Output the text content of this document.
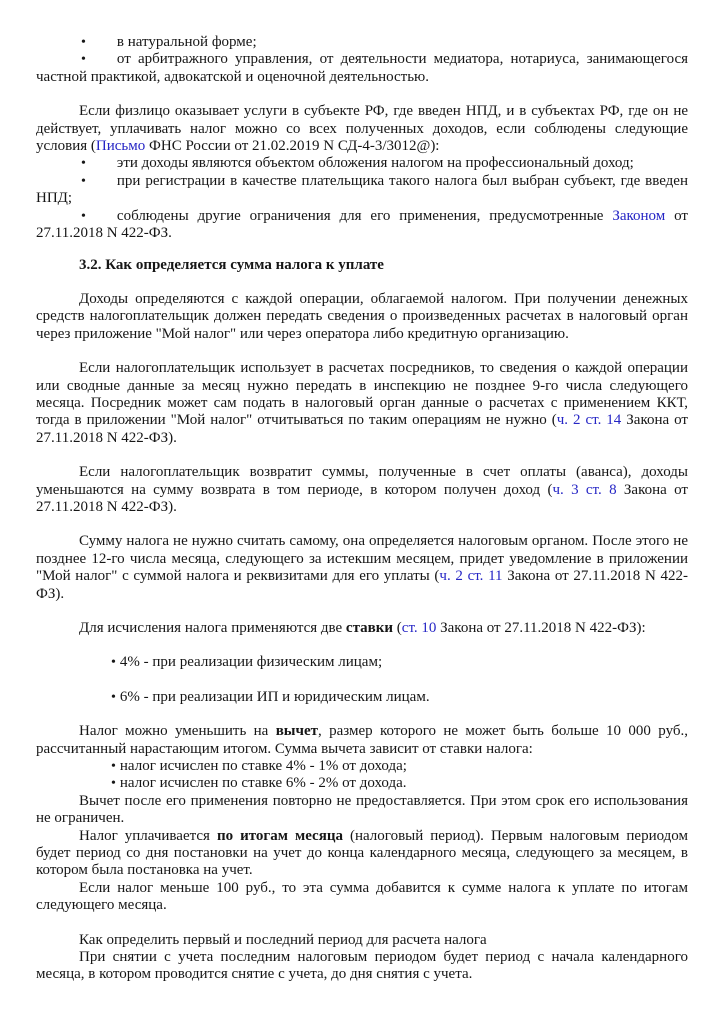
• в натуральной форме;

• от арбитражного управления, от деятельности медиатора, нотариуса, занимающегося частной практикой, адвокатской и оценочной деятельностью.

Если физлицо оказывает услуги в субъекте РФ, где введен НПД, и в субъектах РФ, где он не действует, уплачивать налог можно со всех полученных доходов, если соблюдены следующие условия (Письмо ФНС России от 21.02.2019 N СД-4-3/3012@):

• эти доходы являются объектом обложения налогом на профессиональный доход;

• при регистрации в качестве плательщика такого налога был выбран субъект, где введен НПД;

• соблюдены другие ограничения для его применения, предусмотренные Законом от 27.11.2018 N 422-ФЗ.

3.2. Как определяется сумма налога к уплате

Доходы определяются с каждой операции, облагаемой налогом. При получении денежных средств налогоплательщик должен передать сведения о произведенных расчетах в налоговый орган через приложение "Мой налог" или через оператора либо кредитную организацию.

Если налогоплательщик использует в расчетах посредников, то сведения о каждой операции или сводные данные за месяц нужно передать в инспекцию не позднее 9-го числа следующего месяца. Посредник может сам подать в налоговый орган данные о расчетах с применением ККТ, тогда в приложении "Мой налог" отчитываться по таким операциям не нужно (ч. 2 ст. 14 Закона от 27.11.2018 N 422-ФЗ).

Если налогоплательщик возвратит суммы, полученные в счет оплаты (аванса), доходы уменьшаются на сумму возврата в том периоде, в котором получен доход (ч. 3 ст. 8 Закона от 27.11.2018 N 422-ФЗ).

Сумму налога не нужно считать самому, она определяется налоговым органом. После этого не позднее 12-го числа месяца, следующего за истекшим месяцем, придет уведомление в приложении "Мой налог" с суммой налога и реквизитами для его уплаты (ч. 2 ст. 11 Закона от 27.11.2018 N 422-ФЗ).

Для исчисления налога применяются две ставки (ст. 10 Закона от 27.11.2018 N 422-ФЗ):

• 4% - при реализации физическим лицам;

• 6% - при реализации ИП и юридическим лицам.

Налог можно уменьшить на вычет, размер которого не может быть больше 10 000 руб., рассчитанный нарастающим итогом. Сумма вычета зависит от ставки налога:

• налог исчислен по ставке 4% - 1% от дохода;

• налог исчислен по ставке 6% - 2% от дохода.

Вычет после его применения повторно не предоставляется. При этом срок его использования не ограничен.

Налог уплачивается по итогам месяца (налоговый период). Первым налоговым периодом будет период со дня постановки на учет до конца календарного месяца, следующего за месяцем, в котором была постановка на учет.

Если налог меньше 100 руб., то эта сумма добавится к сумме налога к уплате по итогам следующего месяца.

Как определить первый и последний период для расчета налога

При снятии с учета последним налоговым периодом будет период с начала календарного месяца, в котором проводится снятие с учета, до дня снятия с учета.
